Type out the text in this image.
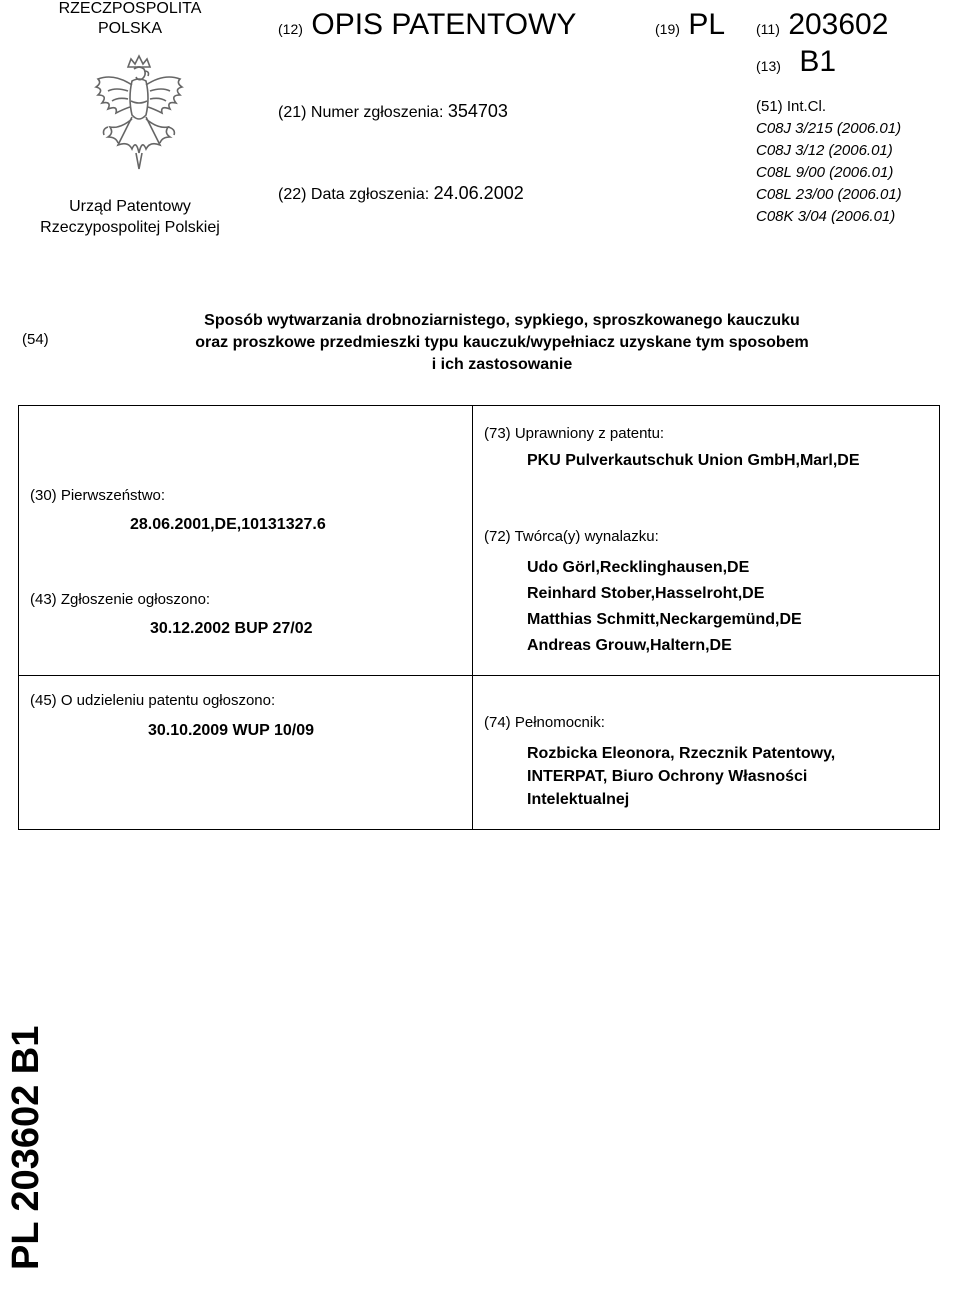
RZECZPOSPOLITA
POLSKA
Urząd Patentowy
Rzeczypospolitej Polskiej
(12) OPIS PATENTOWY	(19) PL (11) 203602
(13) B1
(21) Numer zgłoszenia: 354703
(22) Data zgłoszenia: 24.06.2002
(51) Int.Cl.
C08J 3/215 (2006.01)
C08J 3/12 (2006.01)
C08L 9/00 (2006.01)
C08L 23/00 (2006.01)
C08K 3/04 (2006.01)
(54)
Sposób wytwarzania drobnoziarnistego, sypkiego, sproszkowanego kauczuku
oraz proszkowe przedmieszki typu kauczuk/wypełniacz uzyskane tym sposobem
i ich zastosowanie
(30) Pierwszeństwo:
28.06.2001,DE,10131327.6
(43) Zgłoszenie ogłoszono:
30.12.2002 BUP 27/02
(45) O udzieleniu patentu ogłoszono:
30.10.2009 WUP 10/09
(73) Uprawniony z patentu:
PKU Pulverkautschuk Union GmbH,Marl,DE
(72) Twórca(y) wynalazku:
Udo Görl,Recklinghausen,DE
Reinhard Stober,Hasselroht,DE
Matthias Schmitt,Neckargemünd,DE
Andreas Grouw,Haltern,DE
(74) Pełnomocnik:
Rozbicka Eleonora, Rzecznik Patentowy,
INTERPAT, Biuro Ochrony Własności
Intelektualnej
PL 203602 B1
